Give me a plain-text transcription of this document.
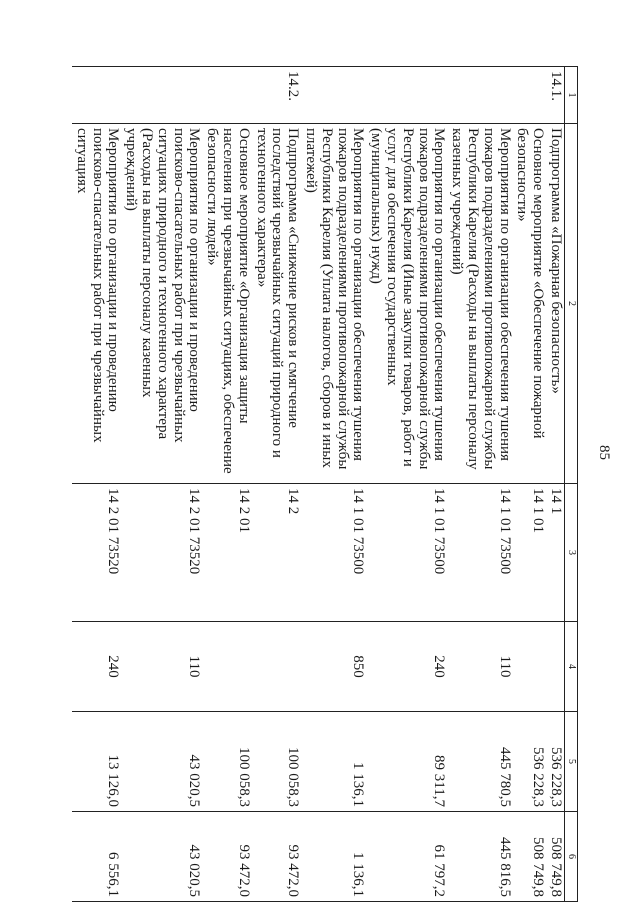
85

1	2	3	4	5	6
14.1.	Подпрограмма «Пожарная безопасность»	14 1		536 228,3	508 749,8
	Основное мероприятие «Обеспечение пожарной безопасности»	14 1 01		536 228,3	508 749,8
	Мероприятия по организации обеспечения тушения пожаров подразделениями противопожарной службы Республики Карелия (Расходы на выплаты персоналу казенных учреждений)	14 1 01 73500	110	445 780,5	445 816,5
	Мероприятия по организации обеспечения тушения пожаров подразделениями противопожарной службы Республики Карелия (Иные закупки товаров, работ и услуг для обеспечения государственных (муниципальных) нужд)	14 1 01 73500	240	89 311,7	61 797,2
	Мероприятия по организации обеспечения тушения пожаров подразделениями противопожарной службы Республики Карелия (Уплата налогов, сборов и иных платежей)	14 1 01 73500	850	1 136,1	1 136,1
14.2.	Подпрограмма «Снижение рисков и смягчение последствий чрезвычайных ситуаций природного и техногенного характера»	14 2		100 058,3	93 472,0
	Основное мероприятие «Организация защиты населения при чрезвычайных ситуациях, обеспечение безопасности людей»	14 2 01		100 058,3	93 472,0
	Мероприятия по организации и проведению поисково-спасательных работ при чрезвычайных ситуациях природного и техногенного характера (Расходы на выплаты персоналу казенных учреждений)	14 2 01 73520	110	43 020,5	43 020,5
	Мероприятия по организации и проведению поисково-спасательных работ при чрезвычайных ситуациях	14 2 01 73520	240	13 126,0	6 556,1
